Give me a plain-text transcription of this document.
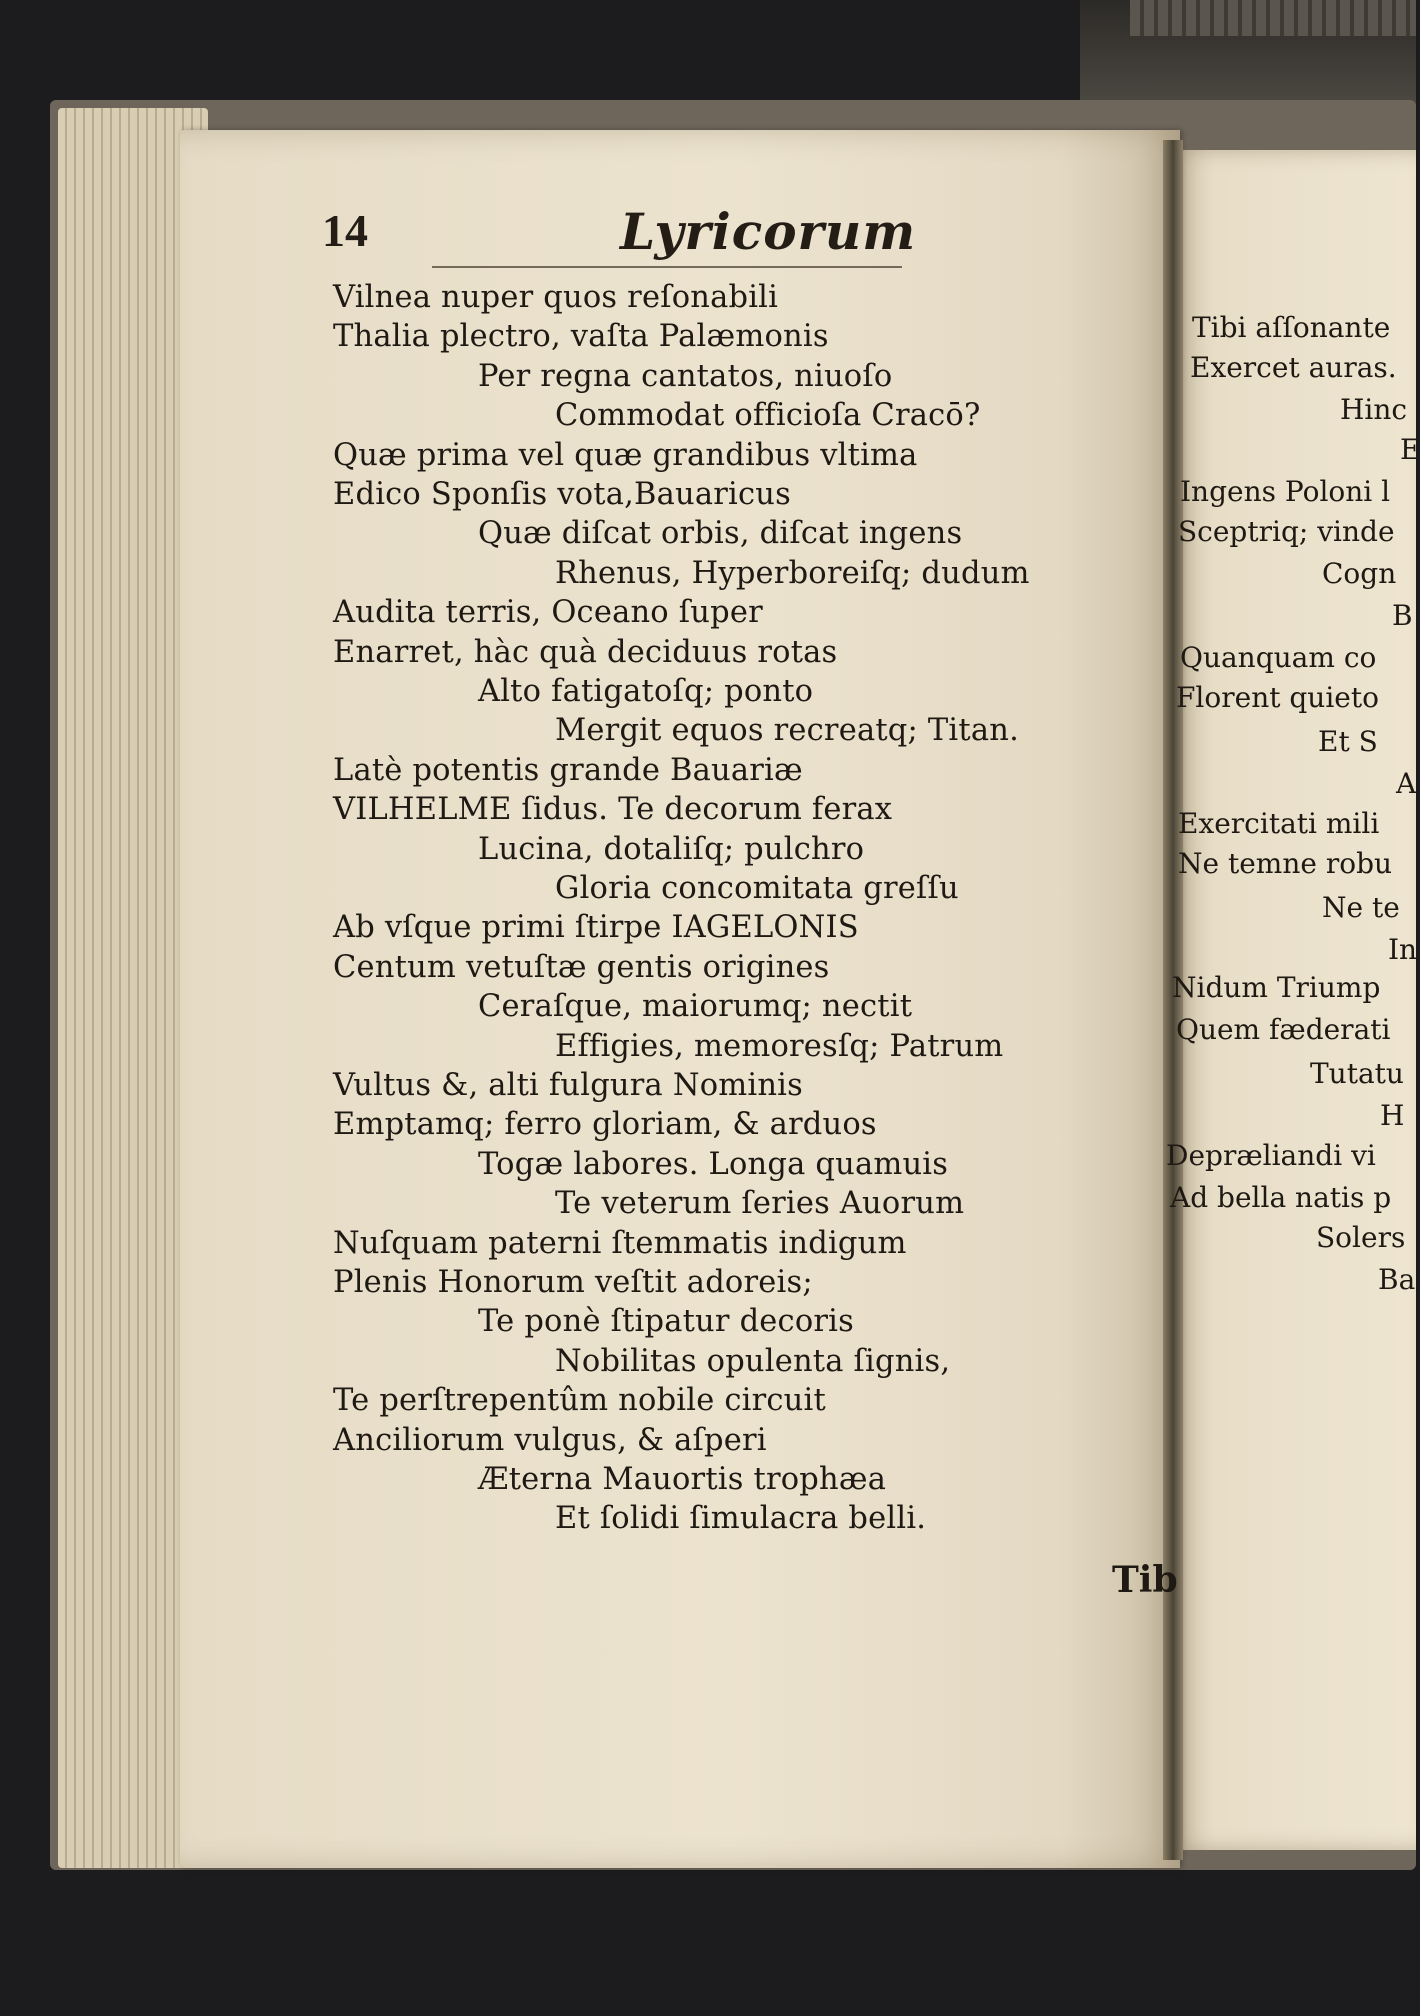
14	Lyricorum
Vilnea nuper quos reſonabili
Thalia plectro, vaſta Palæmonis
Per regna cantatos, niuoſo
Commodat officioſa Cracō?
Quæ prima vel quæ grandibus vltima
Edico Sponſis vota,Bauaricus
Quæ diſcat orbis, diſcat ingens
Rhenus, Hyperboreiſq; dudum
Audita terris, Oceano ſuper
Enarret, hàc quà deciduus rotas
Alto fatigatoſq; ponto
Mergit equos recreatq; Titan.
Latè potentis grande Bauariæ
VILHELME ſidus. Te decorum ferax
Lucina, dotaliſq; pulchro
Gloria concomitata greſſu
Ab vſque primi ſtirpe IAGELONIS
Centum vetuſtæ gentis origines
Ceraſque, maiorumq; nectit
Effigies, memoresſq; Patrum
Vultus &, alti fulgura Nominis
Emptamq; ferro gloriam, & arduos
Togæ labores. Longa quamuis
Te veterum ſeries Auorum
Nuſquam paterni ſtemmatis indigum
Plenis Honorum veſtit adoreis;
Te ponè ſtipatur decoris
Nobilitas opulenta ſignis,
Te perſtrepentûm nobile circuit
Anciliorum vulgus, & aſperi
Æterna Mauortis trophæa
Et ſolidi ſimulacra belli.
Tibi aſſonante
Exercet auras.
Hinc
E
Ingens Poloni l
Sceptriq; vinde
Cogn
B
Quanquam co
Florent quieto
Et S
A
Exercitati mili
Ne temne robu
Ne te
In
Nidum Triump
Quem fæderati
Tutatu
H
Depræliandi vi
Ad bella natis p
Solers
Ba
Tib
